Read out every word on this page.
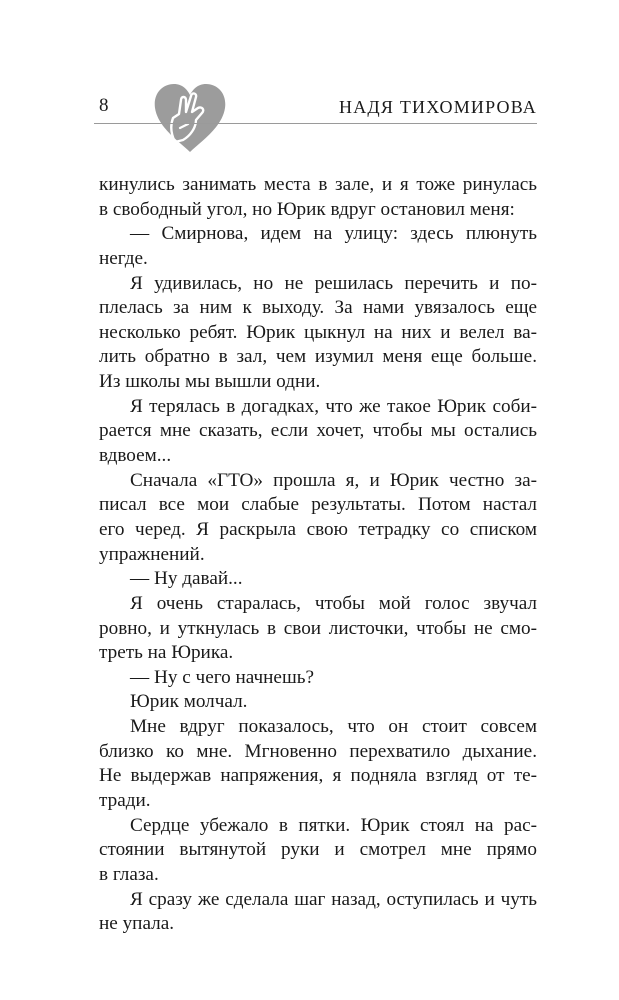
8	НАДЯ ТИХОМИРОВА
кинулись занимать места в зале, и я тоже ринулась
в свободный угол, но Юрик вдруг остановил меня:
— Смирнова, идем на улицу: здесь плюнуть
негде.
Я удивилась, но не решилась перечить и по-
плелась за ним к выходу. За нами увязалось еще
несколько ребят. Юрик цыкнул на них и велел ва-
лить обратно в зал, чем изумил меня еще больше.
Из школы мы вышли одни.
Я терялась в догадках, что же такое Юрик соби-
рается мне сказать, если хочет, чтобы мы остались
вдвоем...
Сначала «ГТО» прошла я, и Юрик честно за-
писал все мои слабые результаты. Потом настал
его черед. Я раскрыла свою тетрадку со списком
упражнений.
— Ну давай...
Я очень старалась, чтобы мой голос звучал
ровно, и уткнулась в свои листочки, чтобы не смо-
треть на Юрика.
— Ну с чего начнешь?
Юрик молчал.
Мне вдруг показалось, что он стоит совсем
близко ко мне. Мгновенно перехватило дыхание.
Не выдержав напряжения, я подняла взгляд от те-
тради.
Сердце убежало в пятки. Юрик стоял на рас-
стоянии вытянутой руки и смотрел мне прямо
в глаза.
Я сразу же сделала шаг назад, оступилась и чуть
не упала.
